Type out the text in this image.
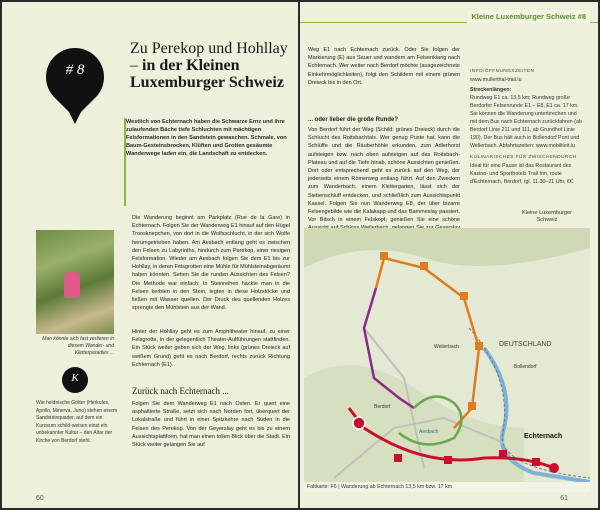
# 8
Zu Perekop und Hohllay – in der Kleinen Luxemburger Schweiz
Westlich von Echternach haben die Schwarze Ernz und ihre zulaufenden Bäche tiefe Schluchten mit mächtigen Felsformationen in den Sandstein gewaschen. Schmale, von Baum-Gesteinsbrocken, Klüften und Grotten gesäumte Wanderwege laden ein, die Landschaft zu entdecken.
Man könnte sich fast verlieren in diesem Wander- und Kletterparadies ...
K
Wie heidnische Götter (Herkules, Apollo, Minerva, Juno) stehen einem Sandsteinquader, auf dem ein Kurosum schild-weisen einst ein unbekannter Kultur – den Altar der Kirche von Berdorf steht.
Die Wanderung beginnt am Parkplatz (Rue de la Gare) in Echternach. Folgen Sie der Wanderweg E1 hinauf auf den Hügel Troosknepchen, von dort in die Wolfsschlucht, in der sich Wolfe herumgetrieben haben. Am Aesbach entlang geht es zwischen den Felsen zu Labyrinths, hindurch zum Perekop, einer riesigen Felsformation. Wieder am Aesbach folgen Sie dem E1 bis zur Hohllay, in deren Felsgrotten eine Mühle für Mühlsteinabgeräumt haben könnten. Sehen Sie die runden Aussichten des Felsen? Die Methode war einfach: In Steinreihen hackte man in die Felsen kerbten in den Stein, legten in diese Holzstöcke und ließen mit Wasser quellen. Der Druck des quellenden Holzes sprengte den Mühlstein aus der Wand.
Hinter der Hohllay geht es zum Amphitheater hinauf, zu einer Felsgrotte, in der gelegentlich Theater-Aufführungen stattfinden. Ein Stück weiter geben sich der Weg, links (grünes Dreieck auf weißem Grund) geht es nach Berdorf, rechts zurück Richtung Echternach (E1).
Zurück nach Echternach ...
Folgen Sie dem Wanderweg E1 nach Osten. Er quert eine asphaltierte Straße, setzt sich nach Norden fort, überquert der Lokalstraße und führt in einer Spitzkehre nach Süden in die Felsen des Perekop. Von der Geyerslay geht es bis zu einem Aussichtsplattform, hat man einen tollen Blick über die Stadt. Ein Stück weiter gelangen Sie auf
60
Kleine Luxemburger Schweiz #8
Weg E1 nach Echternach zurück. Oder Sie folgen der Markierung (E) aus Sauer und wandern am Felsenklang nach Echternach. Wer weiter nach Berdorf möchte (ausgezeichnete Einkehrmöglichkeiten), folgt den Schildern mit einem grünen Dreieck bis in den Ort.
... oder lieber die große Runde?
Von Berdorf führt der Weg (Schild: grünes Dreieck) durch die Schlucht des Roitsbachtals. Wer genug Puste hat, kann die Schlüffe und die Räuberhöhle erkunden, zum Adlerhorst aufsteigen bzw. nach oben aufsteigen auf das Roitsbach-Plateau und auf die Tiefe hinab, schöne Aussichten genießen. Dort oder entsprechend geht es zurück auf den Weg, der jederseits einem Römerweg entlang führt. Auf den Zwecken zum Wanderbach, einem Klettergarten, lässt sich der Siebenschluff entdecken, und schließlich zum Aussichtspunkt Kassel. Folgen Sie nun Wanderweg E8, der über bizarre Felsengebilde wie die Kalakapp und das Bammeslay passiert. Vor Bitsch in einem Felskopf, genießen Sie eine schöne
INFO/ÖFFNUNGSZEITEN
www.mullerthal-trail.lu
Streckenlängen:
Rundweg E1 ca. 13,5 km; Rundweg große Berdorfer Felsenrunde E1 – E8, E1 ca. 17 km. Sie können die Wanderung unterbrechen und mit dem Bus nach Echternach zurückfahren (ab Berdorf Linie 211 und 111, ab Grundhof Linie 190). Der Bus hält auch in Bollendorf Pont und Weilerbach. Abfahrtszeiten: www.mobiliteit.lu
KULINARISCHES FÜR ZWISCHENDURCH
Ideal für eine Pause ist das Restaurant des Kasino- und Sporthotels Trail Inn, route d'Echternach, Berdorf, tgl. 11.30–21 Uhr, €€.
Kleine Luxemburger Schweiz
DEUTSCHLAND
Echternach
Berdorf
Bollendorf
Weilerbach
Aesbach
Faltkarte: F6 | Wanderung ab Echternach 13,5 km bzw. 17 km
61
